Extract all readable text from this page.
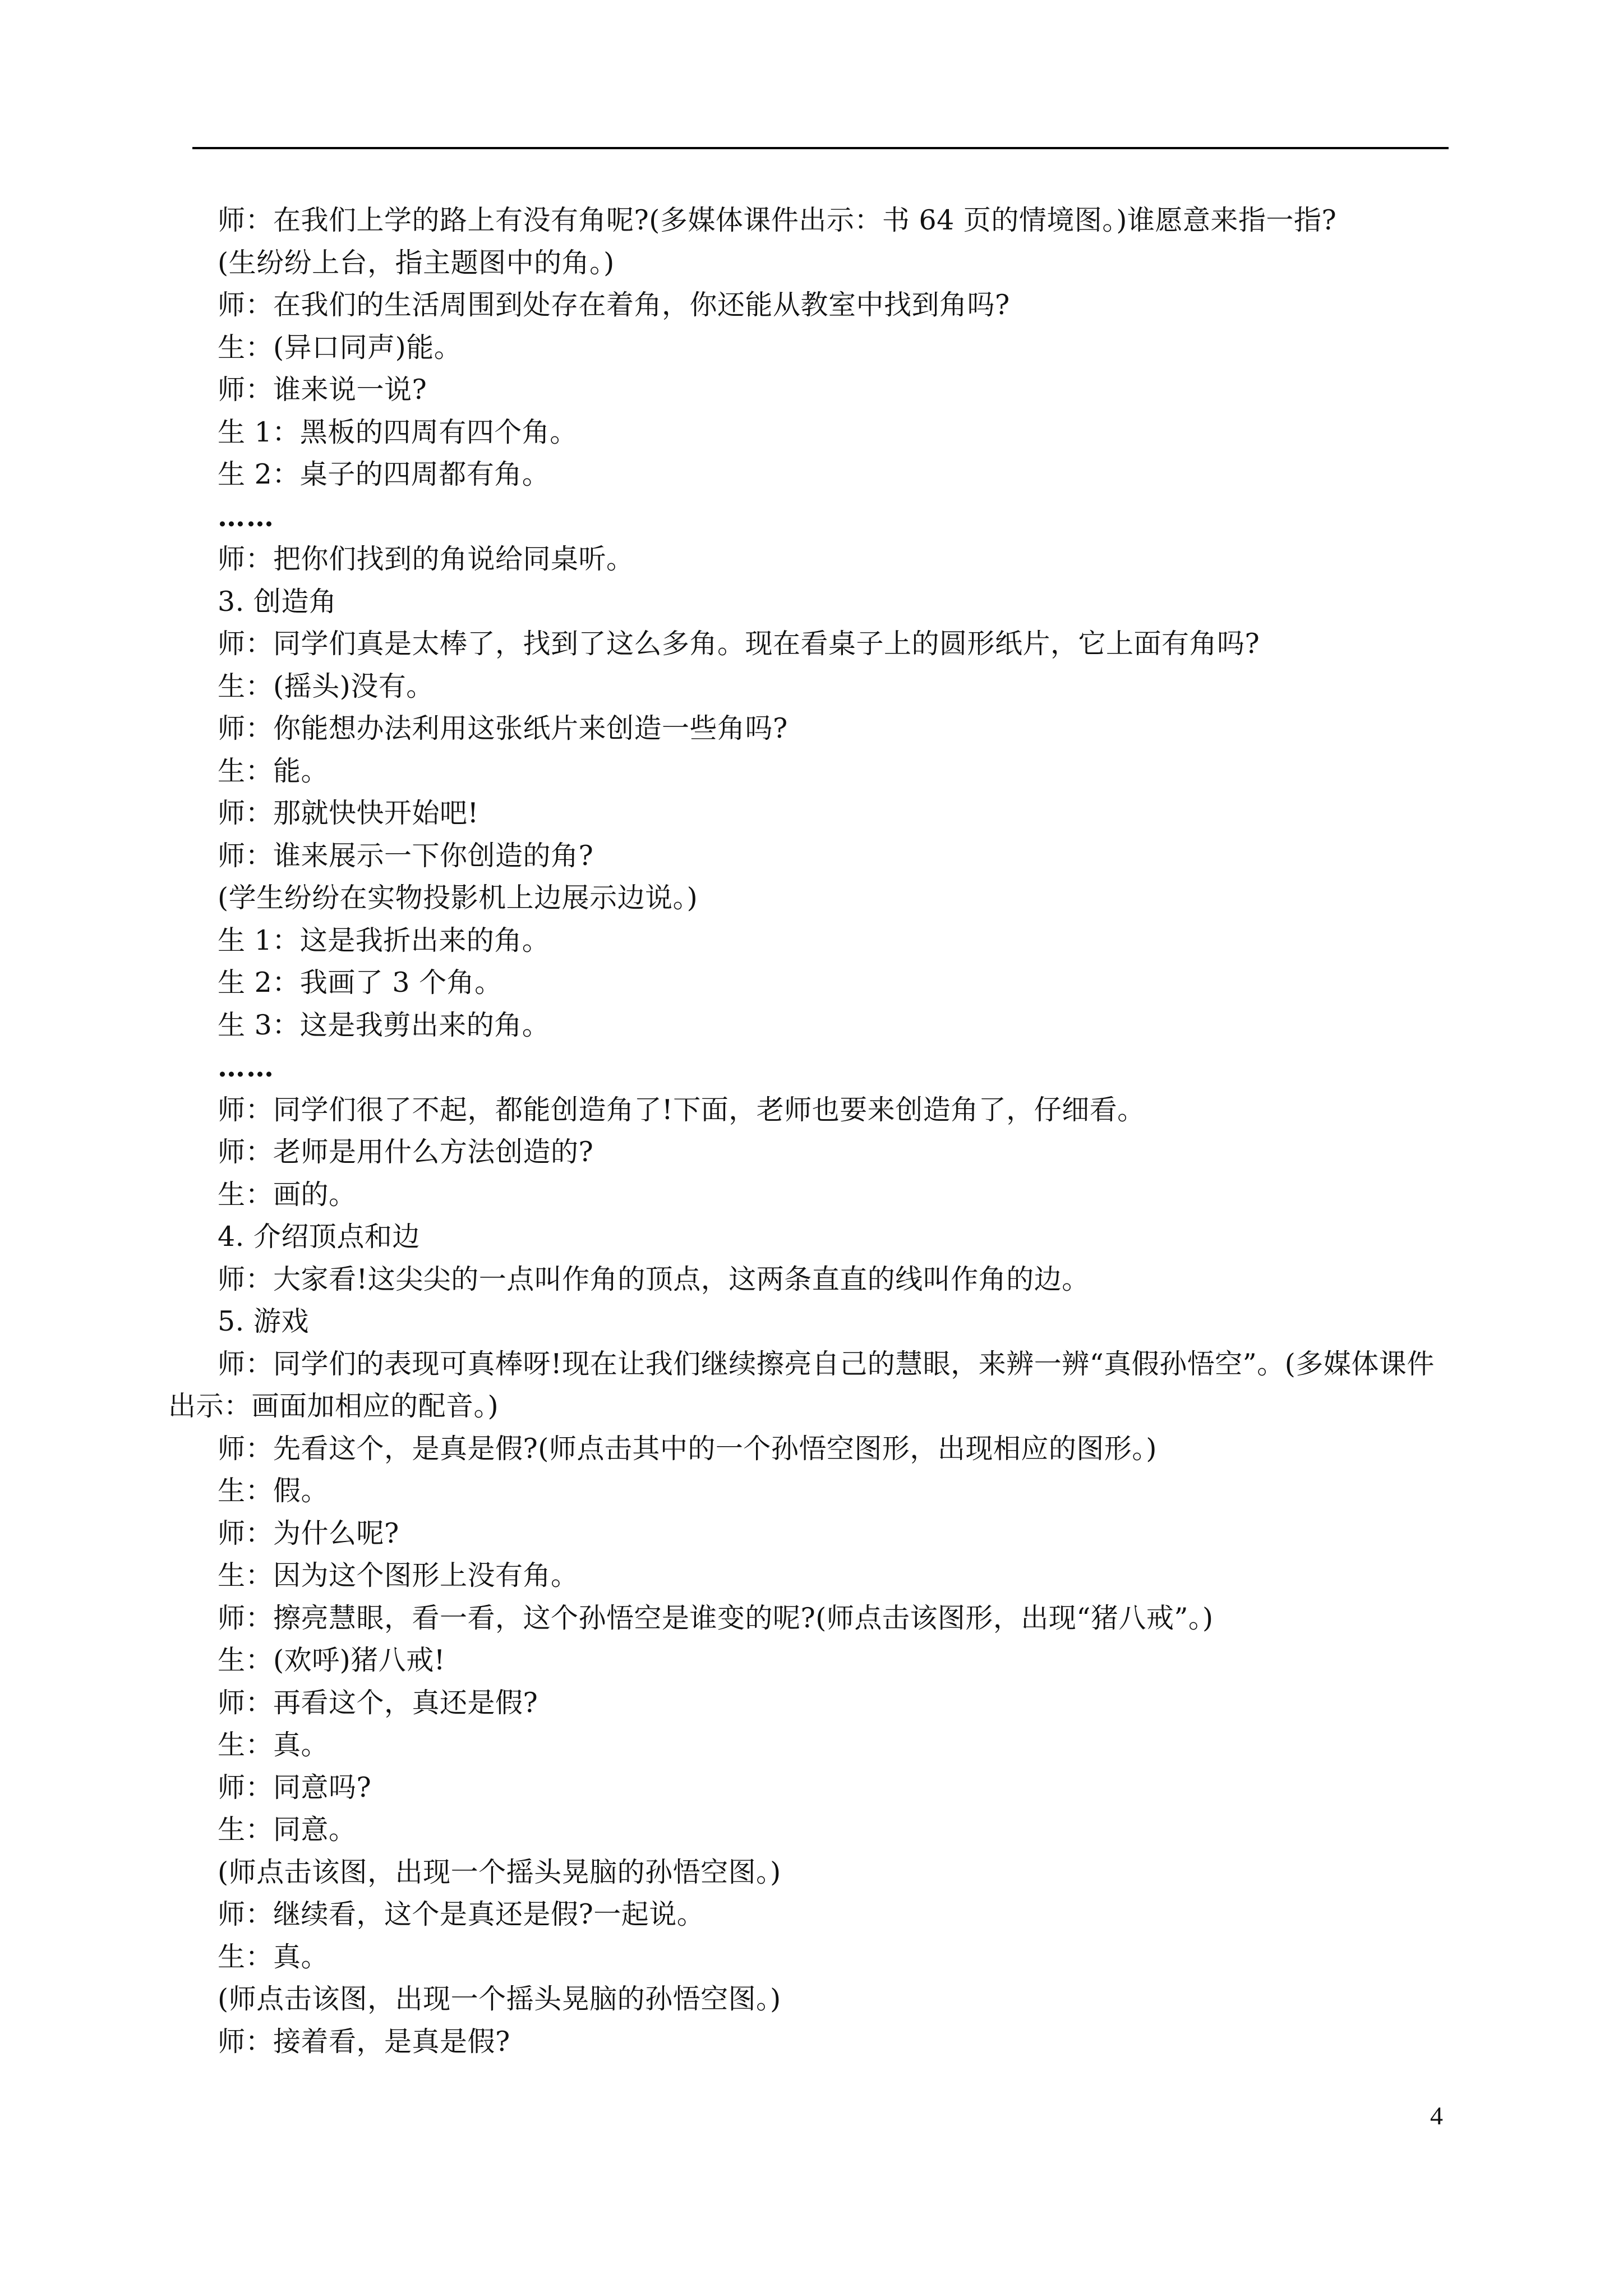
师：在我们上学的路上有没有角呢?(多媒体课件出示：书 64 页的情境图。)谁愿意来指一指?
(生纷纷上台，指主题图中的角。)
师：在我们的生活周围到处存在着角，你还能从教室中找到角吗?
生：(异口同声)能。
师：谁来说一说?
生 1：黑板的四周有四个角。
生 2：桌子的四周都有角。
……
师：把你们找到的角说给同桌听。
3. 创造角
师：同学们真是太棒了，找到了这么多角。现在看桌子上的圆形纸片，它上面有角吗?
生：(摇头)没有。
师：你能想办法利用这张纸片来创造一些角吗?
生：能。
师：那就快快开始吧!
师：谁来展示一下你创造的角?
(学生纷纷在实物投影机上边展示边说。)
生 1：这是我折出来的角。
生 2：我画了 3 个角。
生 3：这是我剪出来的角。
……
师：同学们很了不起，都能创造角了!下面，老师也要来创造角了，仔细看。
师：老师是用什么方法创造的?
生：画的。
4. 介绍顶点和边
师：大家看!这尖尖的一点叫作角的顶点，这两条直直的线叫作角的边。
5. 游戏
师：同学们的表现可真棒呀!现在让我们继续擦亮自己的慧眼，来辨一辨“真假孙悟空”。(多媒体课件出示：画面加相应的配音。)
师：先看这个，是真是假?(师点击其中的一个孙悟空图形，出现相应的图形。)
生：假。
师：为什么呢?
生：因为这个图形上没有角。
师：擦亮慧眼，看一看，这个孙悟空是谁变的呢?(师点击该图形，出现“猪八戒”。)
生：(欢呼)猪八戒!
师：再看这个，真还是假?
生：真。
师：同意吗?
生：同意。
(师点击该图，出现一个摇头晃脑的孙悟空图。)
师：继续看，这个是真还是假?一起说。
生：真。
(师点击该图，出现一个摇头晃脑的孙悟空图。)
师：接着看，是真是假?
4
